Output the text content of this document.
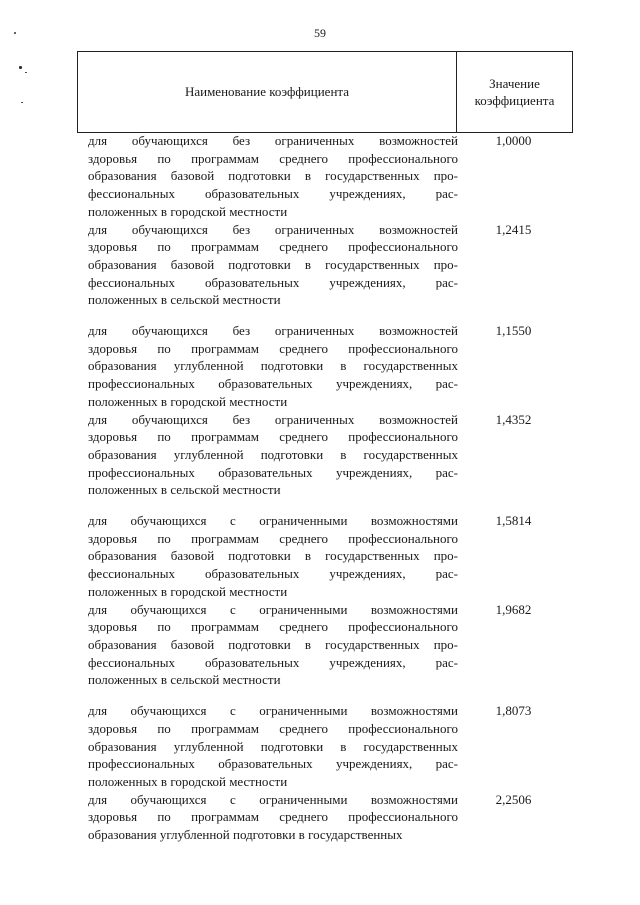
59
Наименование коэффициента
Значение коэффициента
для обучающихся без ограниченных возможностей
здоровья по программам среднего профессионального
образования базовой подготовки в государственных про-
фессиональных образовательных учреждениях, рас-
положенных в городской местности
1,0000
для обучающихся без ограниченных возможностей
здоровья по программам среднего профессионального
образования базовой подготовки в государственных про-
фессиональных образовательных учреждениях, рас-
положенных в сельской местности
1,2415
для обучающихся без ограниченных возможностей
здоровья по программам среднего профессионального
образования углубленной подготовки в государственных
профессиональных образовательных учреждениях, рас-
положенных в городской местности
1,1550
для обучающихся без ограниченных возможностей
здоровья по программам среднего профессионального
образования углубленной подготовки в государственных
профессиональных образовательных учреждениях, рас-
положенных в сельской местности
1,4352
для обучающихся с ограниченными возможностями
здоровья по программам среднего профессионального
образования базовой подготовки в государственных про-
фессиональных образовательных учреждениях, рас-
положенных в городской местности
1,5814
для обучающихся с ограниченными возможностями
здоровья по программам среднего профессионального
образования базовой подготовки в государственных про-
фессиональных образовательных учреждениях, рас-
положенных в сельской местности
1,9682
для обучающихся с ограниченными возможностями
здоровья по программам среднего профессионального
образования углубленной подготовки в государственных
профессиональных образовательных учреждениях, рас-
положенных в городской местности
1,8073
для обучающихся с ограниченными возможностями
здоровья по программам среднего профессионального
образования углубленной подготовки в государственных
2,2506
